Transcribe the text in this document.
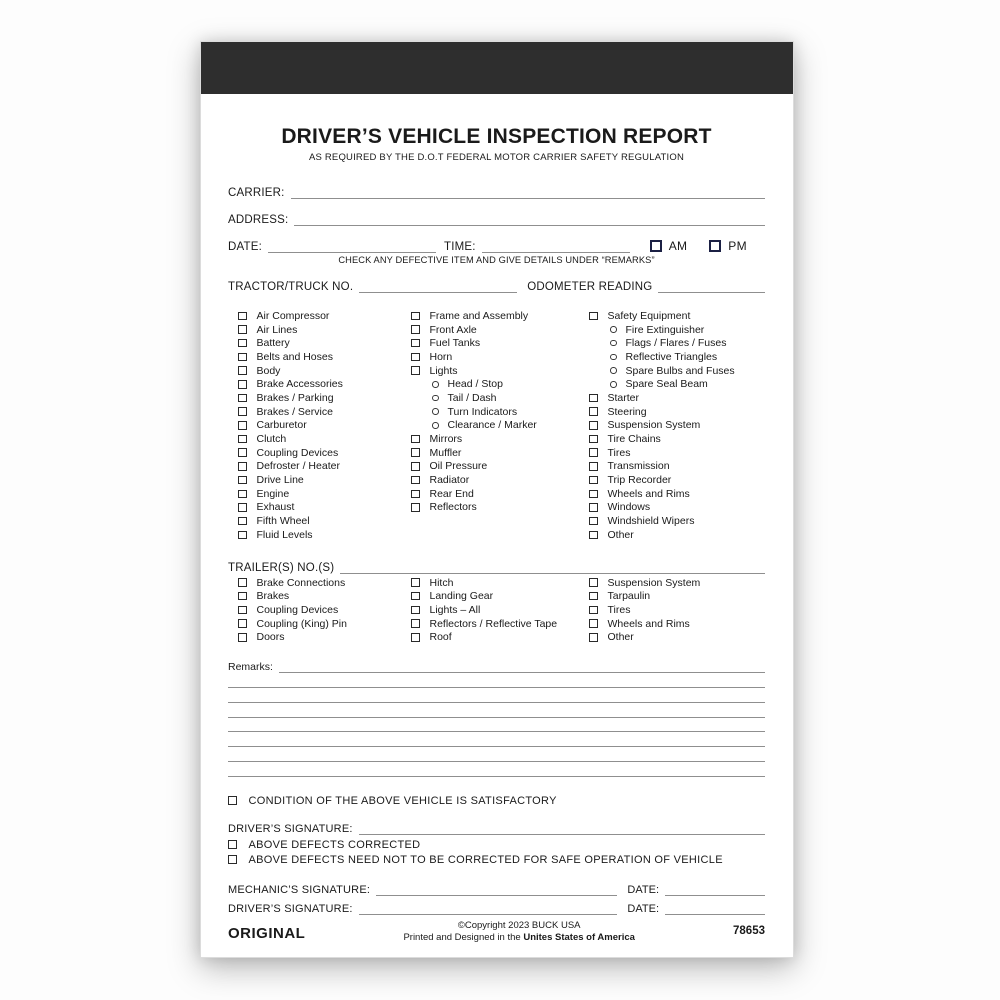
DRIVER’S VEHICLE INSPECTION REPORT
AS REQUIRED BY THE D.O.T FEDERAL MOTOR CARRIER SAFETY REGULATION
CARRIER:
ADDRESS:
DATE:	TIME:	AM	PM
CHECK ANY DEFECTIVE ITEM AND GIVE DETAILS UNDER “REMARKS”
TRACTOR/TRUCK NO.	ODOMETER READING
Air Compressor
Air Lines
Battery
Belts and Hoses
Body
Brake Accessories
Brakes / Parking
Brakes / Service
Carburetor
Clutch
Coupling Devices
Defroster / Heater
Drive Line
Engine
Exhaust
Fifth Wheel
Fluid Levels
Frame and Assembly
Front Axle
Fuel Tanks
Horn
Lights
Head / Stop
Tail / Dash
Turn Indicators
Clearance / Marker
Mirrors
Muffler
Oil Pressure
Radiator
Rear End
Reflectors
Safety Equipment
Fire Extinguisher
Flags / Flares / Fuses
Reflective Triangles
Spare Bulbs and Fuses
Spare Seal Beam
Starter
Steering
Suspension System
Tire Chains
Tires
Transmission
Trip Recorder
Wheels and Rims
Windows
Windshield Wipers
Other
TRAILER(S) NO.(S)
Brake Connections
Brakes
Coupling Devices
Coupling (King) Pin
Doors
Hitch
Landing Gear
Lights – All
Reflectors / Reflective Tape
Roof
Suspension System
Tarpaulin
Tires
Wheels and Rims
Other
Remarks:
CONDITION OF THE ABOVE VEHICLE IS SATISFACTORY
DRIVER’S SIGNATURE:
ABOVE DEFECTS CORRECTED
ABOVE DEFECTS NEED NOT TO BE CORRECTED FOR SAFE OPERATION OF VEHICLE
MECHANIC’S SIGNATURE:	DATE:
DRIVER’S SIGNATURE:	DATE:
ORIGINAL	©Copyright 2023 BUCK USA
Printed and Designed in the Unites States of America
78653
